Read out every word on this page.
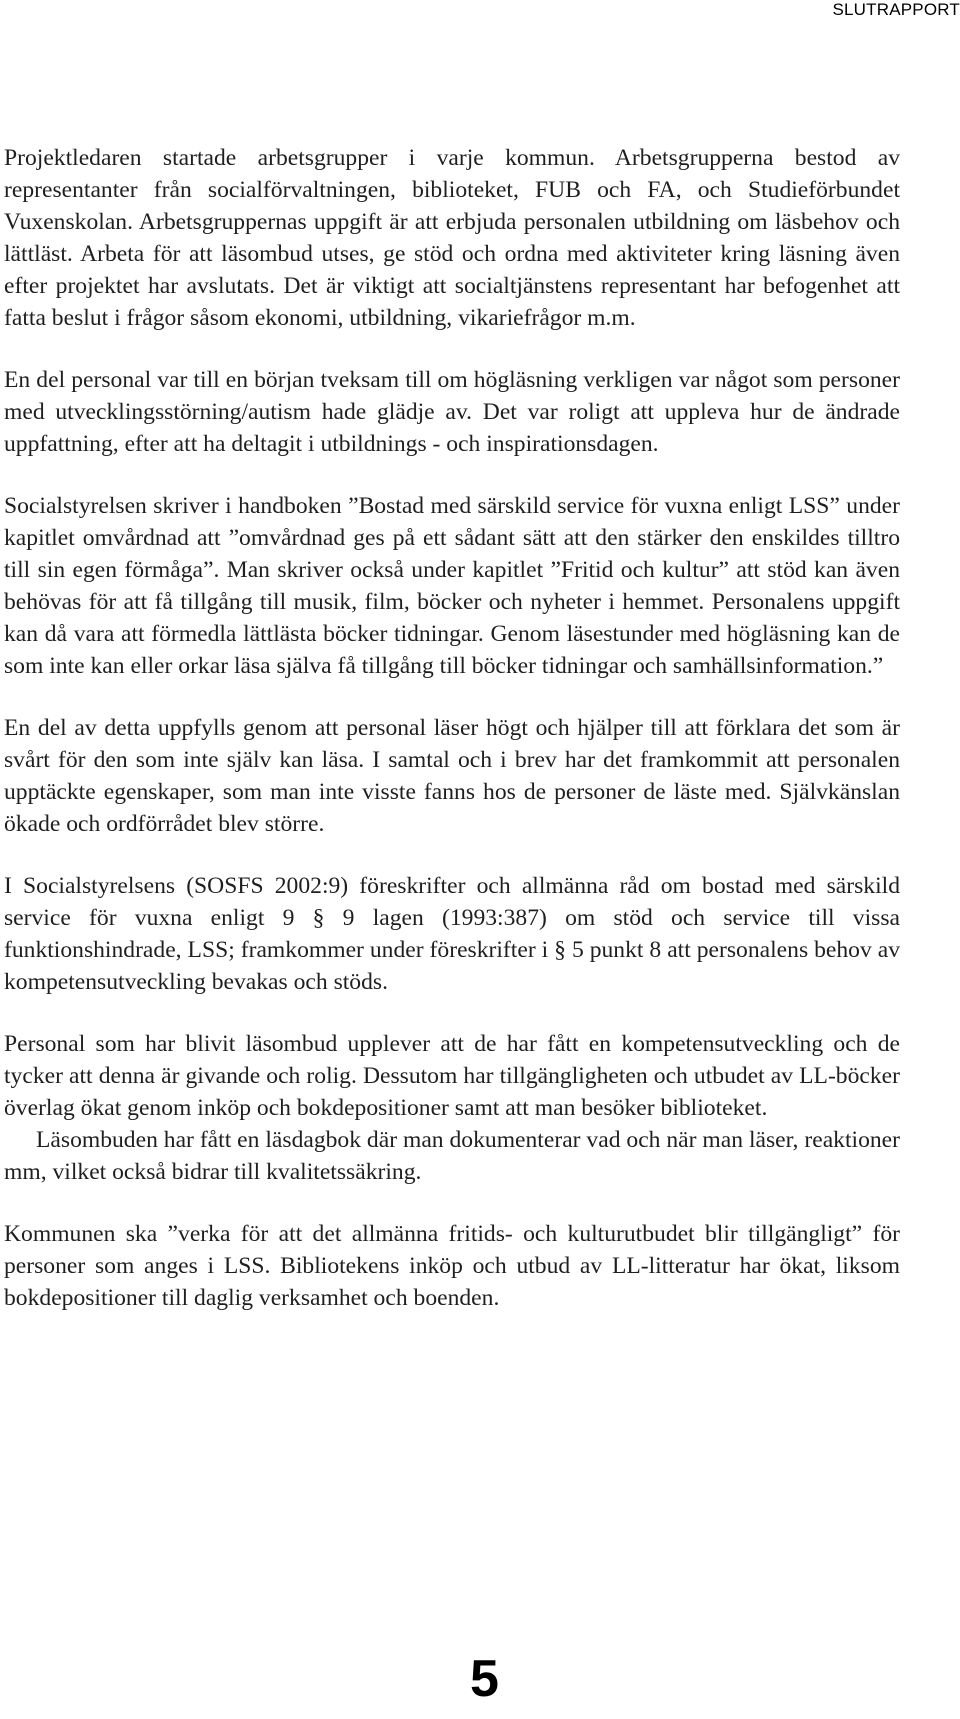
SLUTRAPPORT

Projektledaren startade arbetsgrupper i varje kommun. Arbetsgrupperna bestod av representanter från socialförvaltningen, biblioteket, FUB och FA, och Studieförbundet Vuxenskolan. Arbetsgruppernas uppgift är att erbjuda personalen utbildning om läsbehov och lättläst. Arbeta för att läsombud utses, ge stöd och ordna med aktiviteter kring läsning även efter projektet har avslutats. Det är viktigt att socialtjänstens representant har befogenhet att fatta beslut i frågor såsom ekonomi, utbildning, vikariefrågor m.m.

En del personal var till en början tveksam till om högläsning verkligen var något som personer med utvecklingsstörning/autism hade glädje av. Det var roligt att uppleva hur de ändrade uppfattning, efter att ha deltagit i utbildnings - och inspirationsdagen.

Socialstyrelsen skriver i handboken ”Bostad med särskild service för vuxna enligt LSS” under kapitlet omvårdnad att ”omvårdnad ges på ett sådant sätt att den stärker den enskildes tilltro till sin egen förmåga”. Man skriver också under kapitlet ”Fritid och kultur” att stöd kan även behövas för att få tillgång till musik, film, böcker och nyheter i hemmet. Personalens uppgift kan då vara att förmedla lättlästa böcker tidningar. Genom läsestunder med högläsning kan de som inte kan eller orkar läsa själva få tillgång till böcker tidningar och samhällsinformation.”

En del av detta uppfylls genom att personal läser högt och hjälper till att förklara det som är svårt för den som inte själv kan läsa. I samtal och i brev har det framkommit att personalen upptäckte egenskaper, som man inte visste fanns hos de personer de läste med. Självkänslan ökade och ordförrådet blev större.

I Socialstyrelsens (SOSFS 2002:9) föreskrifter och allmänna råd om bostad med särskild service för vuxna enligt 9 § 9 lagen (1993:387) om stöd och service till vissa funktionshindrade, LSS; framkommer under föreskrifter i § 5 punkt 8 att personalens behov av kompetensutveckling bevakas och stöds.

Personal som har blivit läsombud upplever att de har fått en kompetensutveckling och de tycker att denna är givande och rolig. Dessutom har tillgängligheten och utbudet av LL-böcker överlag ökat genom inköp och bokdepositioner samt att man besöker biblioteket.

Läsombuden har fått en läsdagbok där man dokumenterar vad och när man läser, reaktioner mm, vilket också bidrar till kvalitetssäkring.

Kommunen ska ”verka för att det allmänna fritids- och kulturutbudet blir tillgängligt” för personer som anges i LSS. Bibliotekens inköp och utbud av LL-litteratur har ökat, liksom bokdepositioner till daglig verksamhet och boenden.

5
